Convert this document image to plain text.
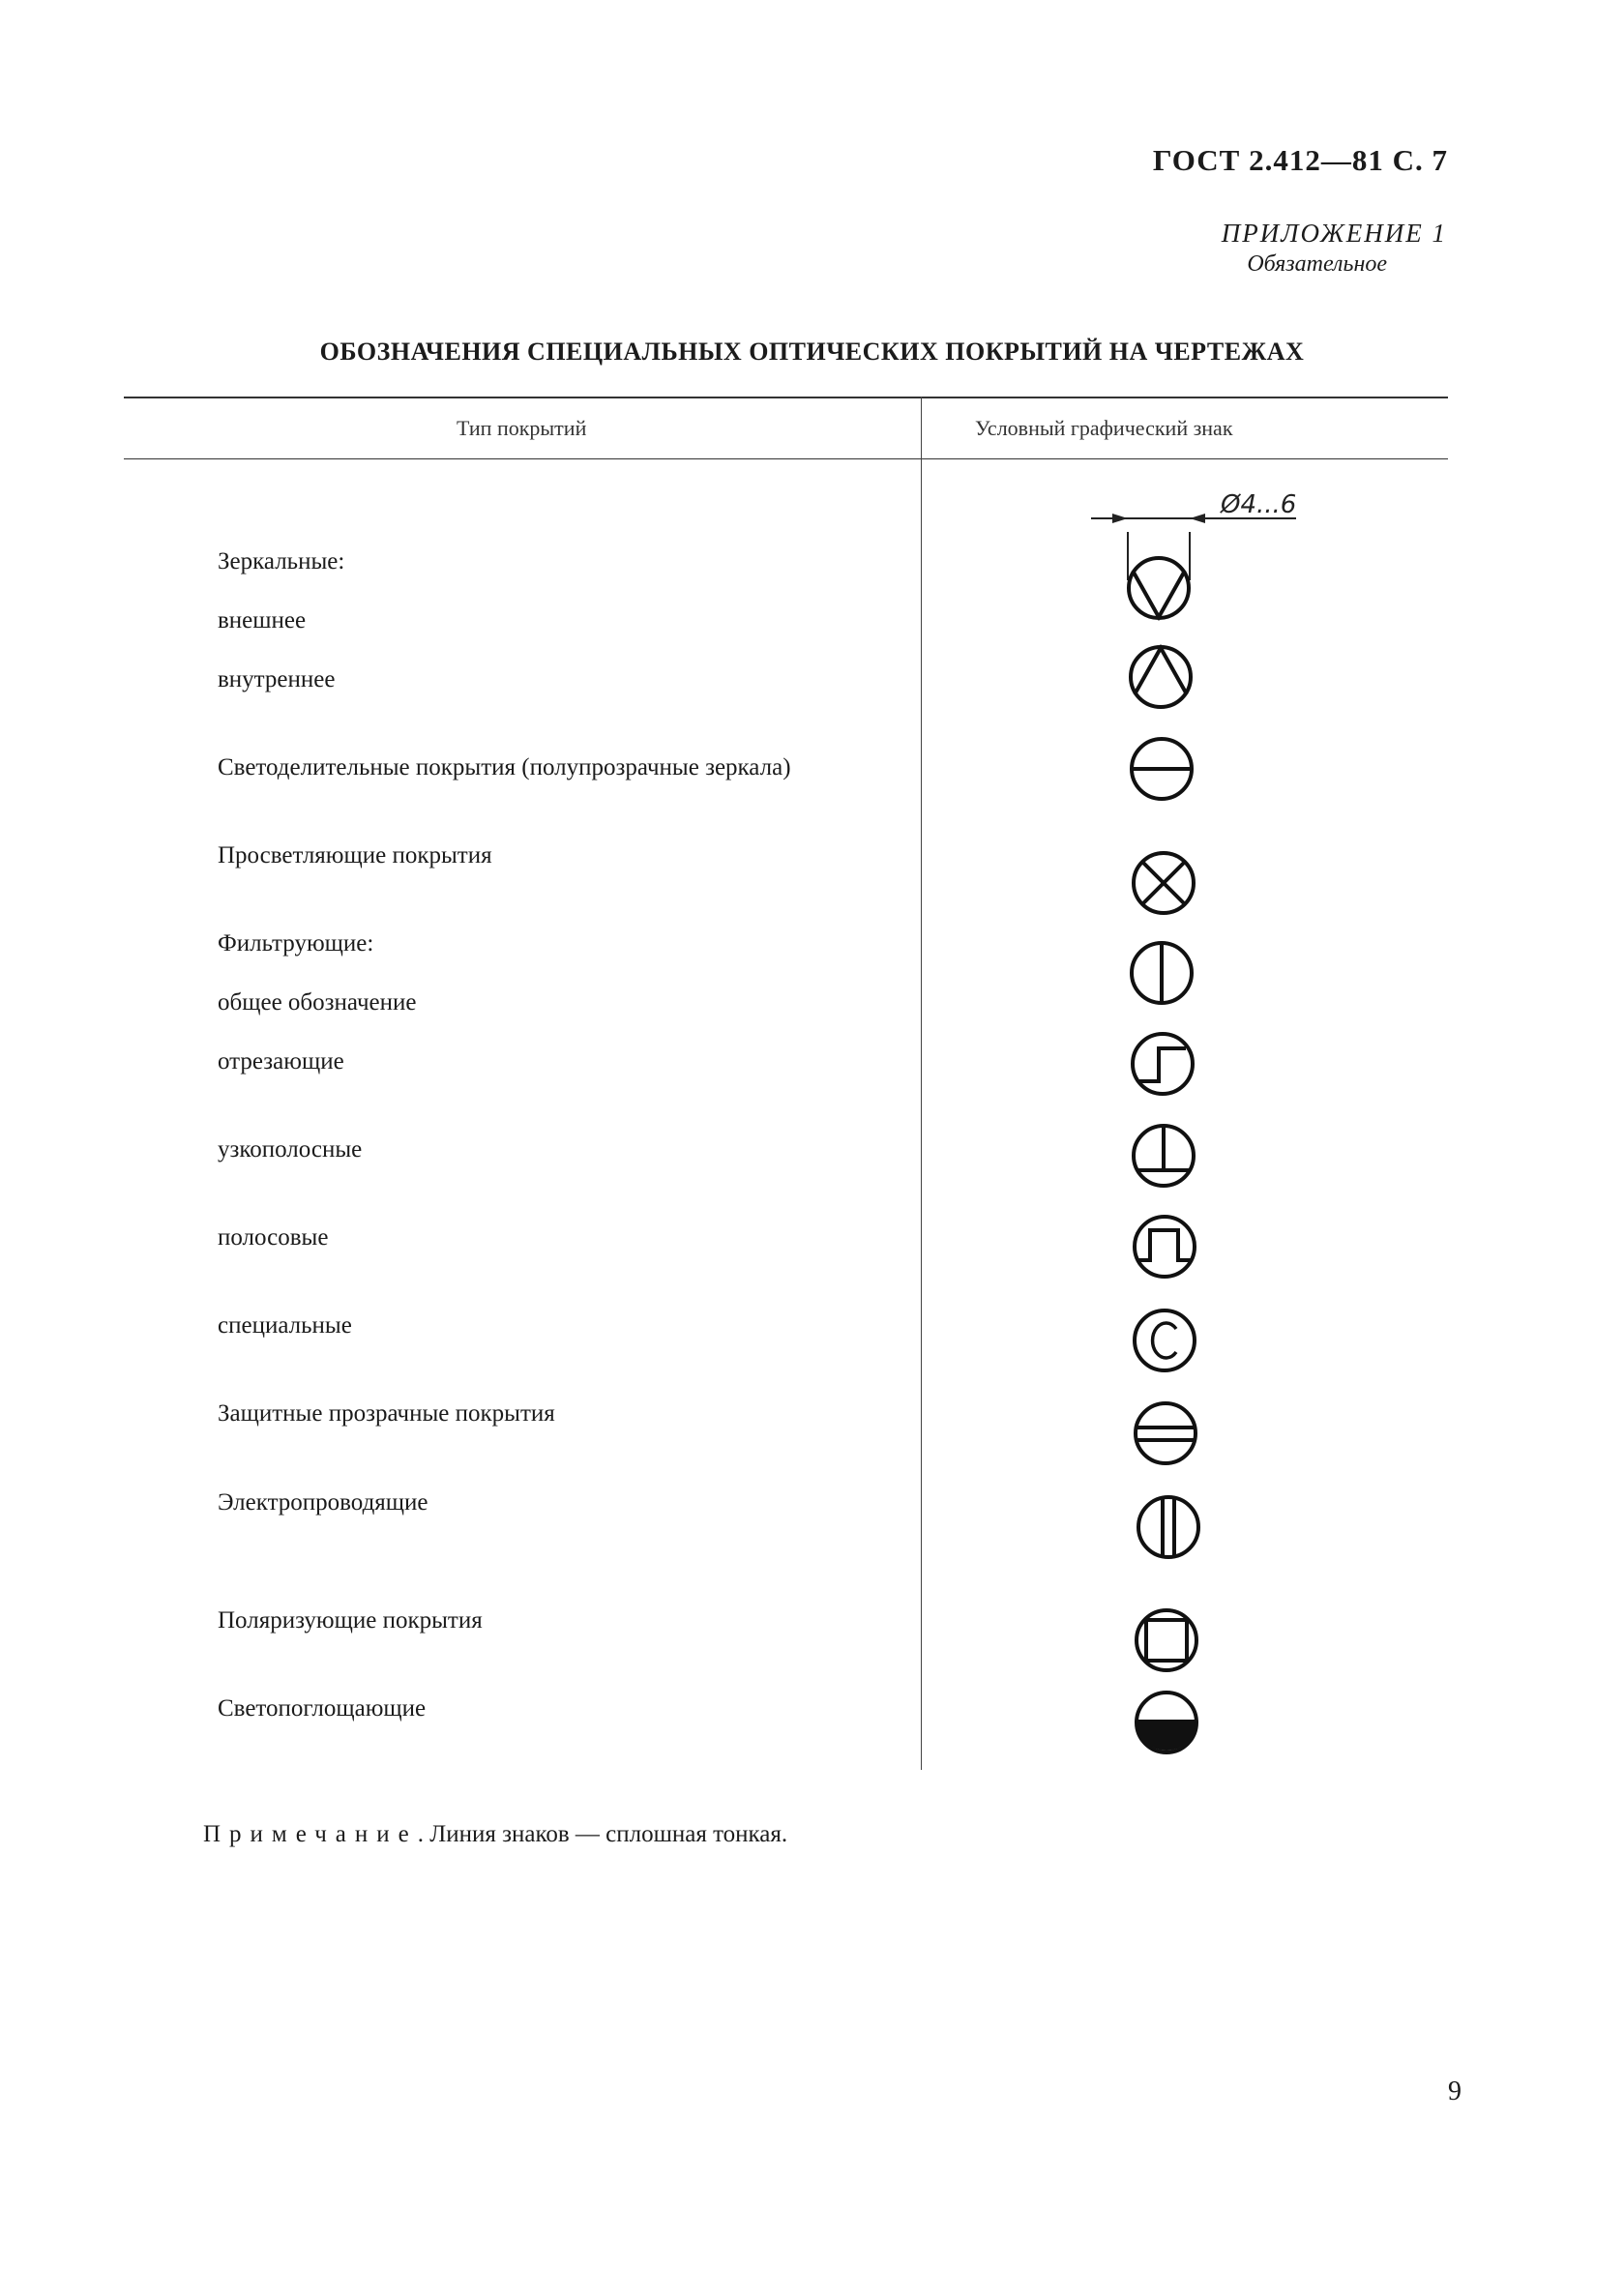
ГОСТ 2.412—81 С. 7
ПРИЛОЖЕНИЕ 1
Обязательное
ОБОЗНАЧЕНИЯ СПЕЦИАЛЬНЫХ ОПТИЧЕСКИХ ПОКРЫТИЙ НА ЧЕРТЕЖАХ
Тип покрытий	Условный графический знак
Зеркальные:
внешнее
внутреннее
Светоделительные покрытия (полупрозрачные зеркала)
Просветляющие покрытия
Фильтрующие:
общее обозначение
отрезающие
узкополосные
полосовые
специальные
Защитные прозрачные покрытия
Электропроводящие
Поляризующие покрытия
Светопоглощающие
Ø4...6
Примечание. Линия знаков — сплошная тонкая.
9
